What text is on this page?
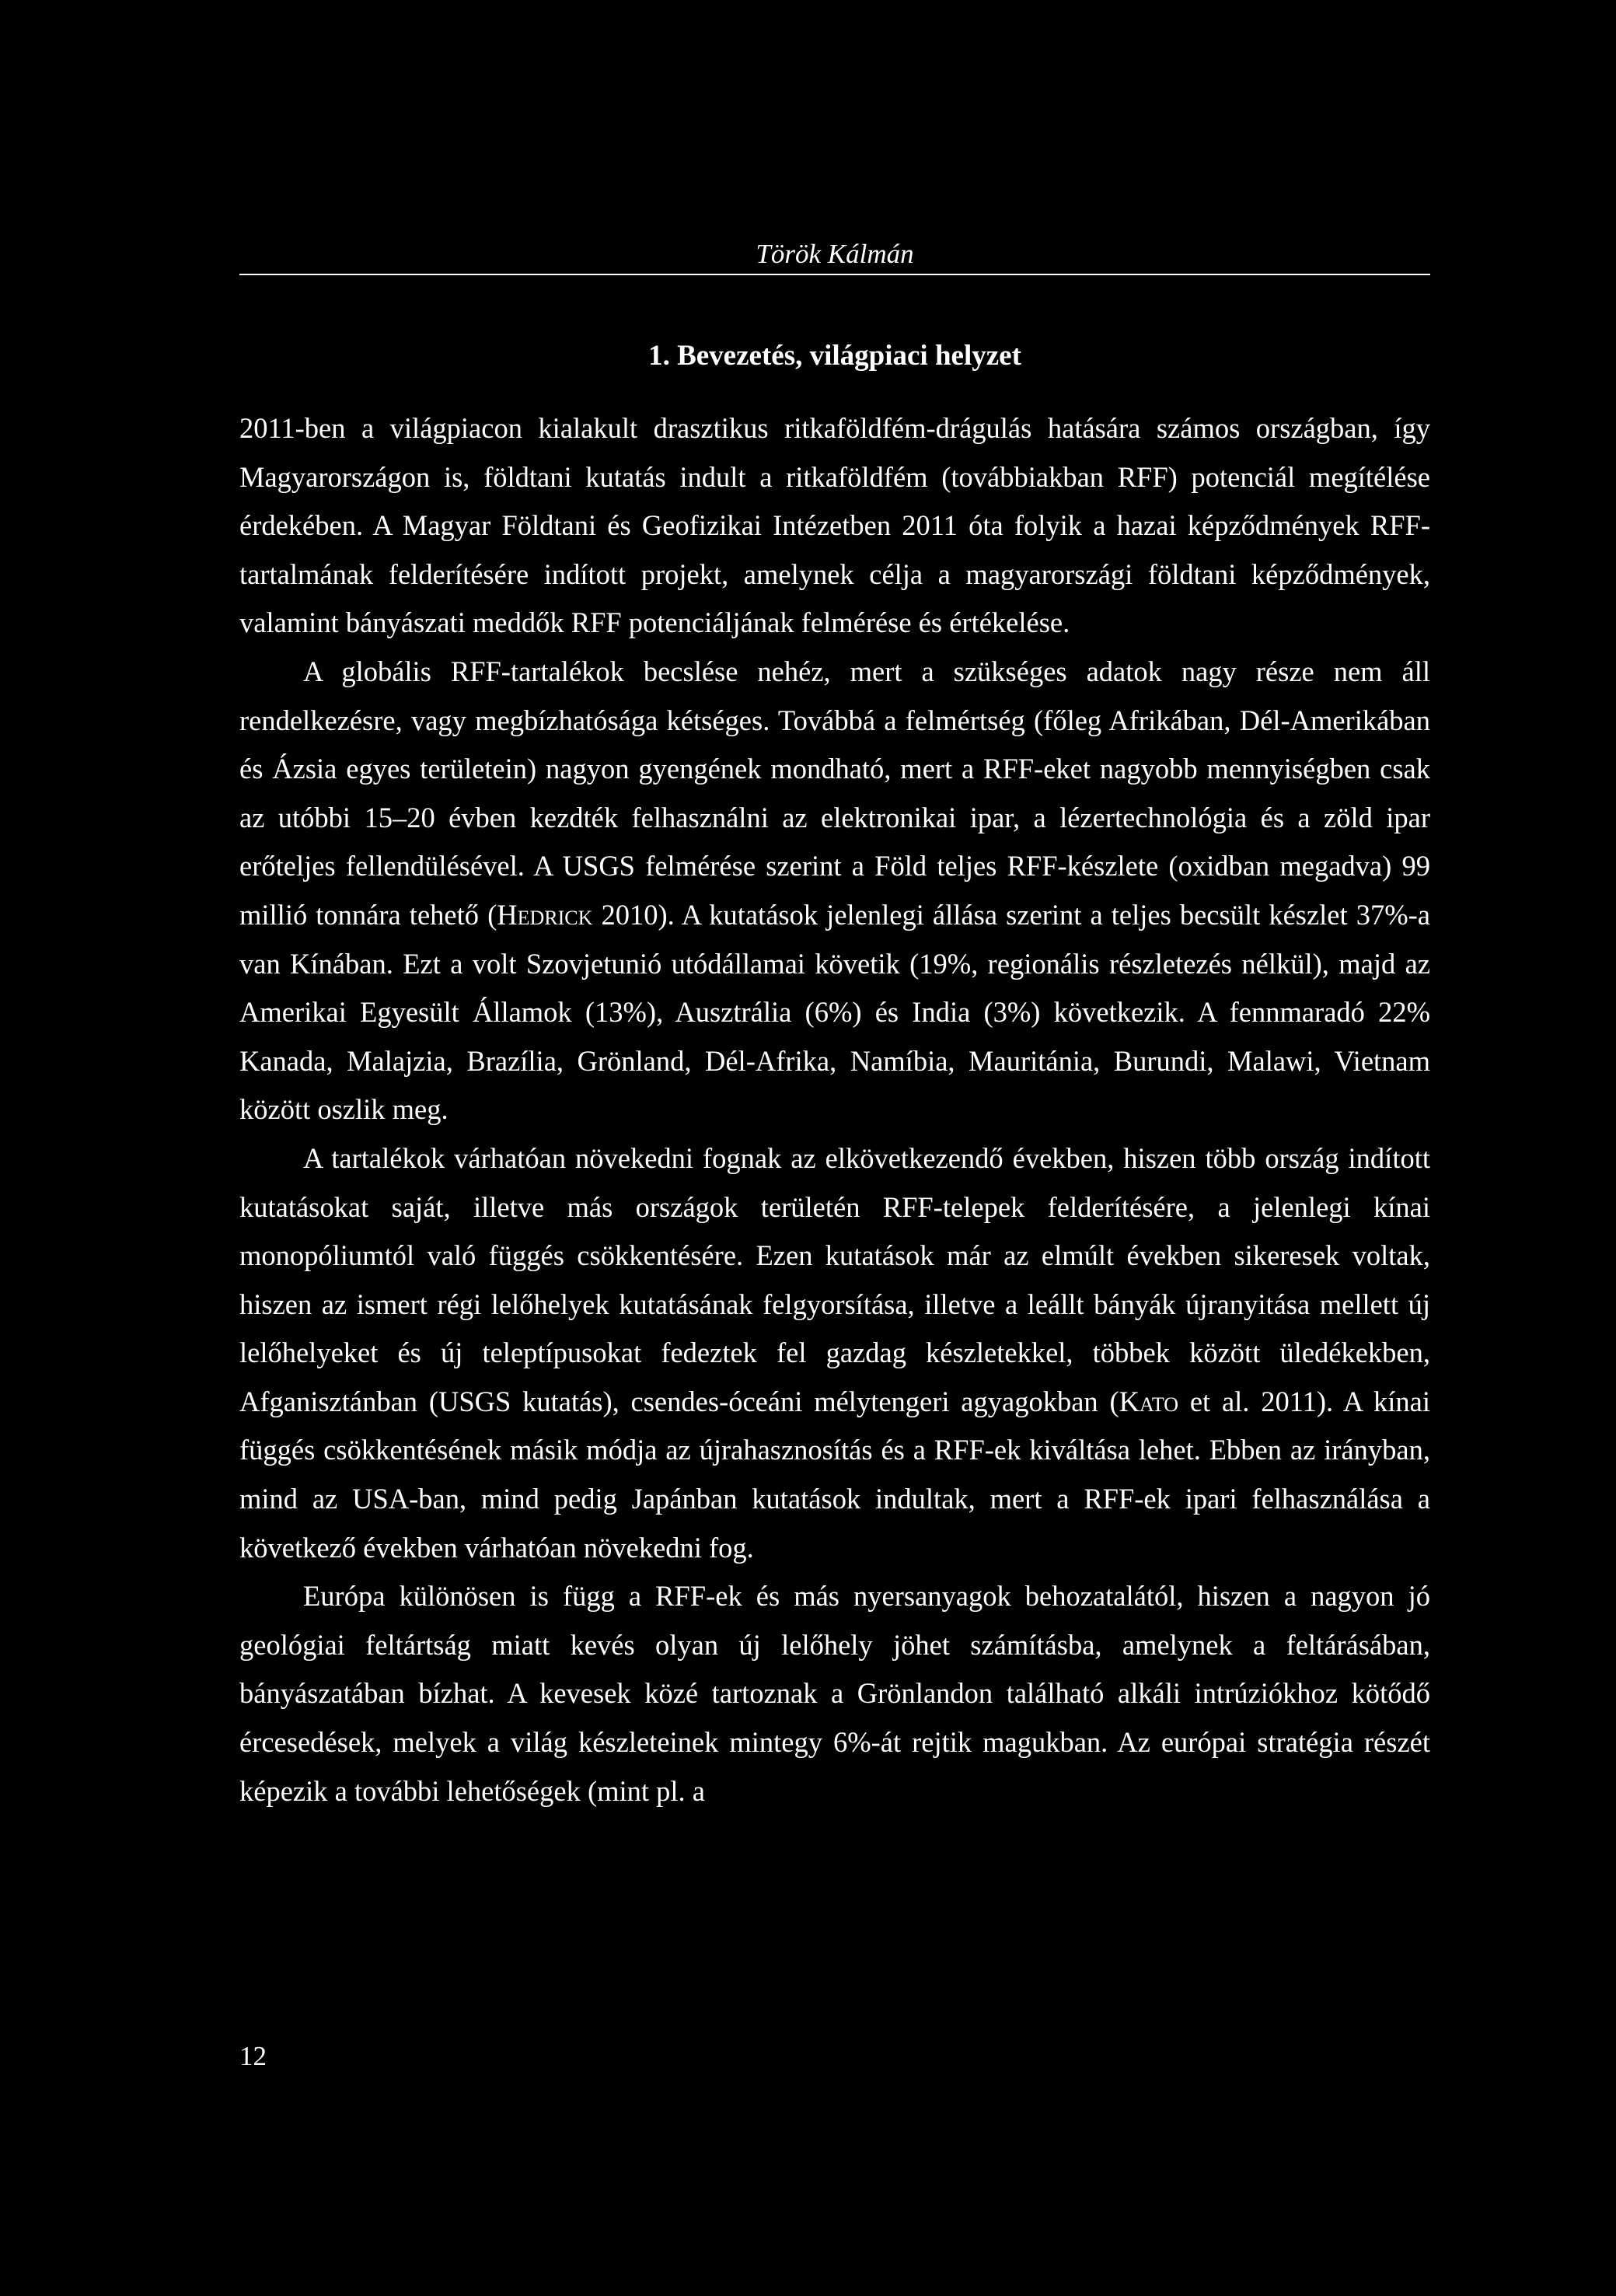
Török Kálmán
1. Bevezetés, világpiaci helyzet

2011-ben a világpiacon kialakult drasztikus ritkaföldfém-drágulás hatására számos országban, így Magyarországon is, földtani kutatás indult a ritkaföldfém (továbbiakban RFF) potenciál megítélése érdekében. A Magyar Földtani és Geofizikai Intézetben 2011 óta folyik a hazai képződmények RFF-tartalmának felderítésére indított projekt, amelynek célja a magyarországi földtani képződmények, valamint bányászati meddők RFF potenciáljának felmérése és értékelése.

A globális RFF-tartalékok becslése nehéz, mert a szükséges adatok nagy része nem áll rendelkezésre, vagy megbízhatósága kétséges. Továbbá a felmértség (főleg Afrikában, Dél-Amerikában és Ázsia egyes területein) nagyon gyengének mondható, mert a RFF-eket nagyobb mennyiségben csak az utóbbi 15–20 évben kezdték felhasználni az elektronikai ipar, a lézertechnológia és a zöld ipar erőteljes fellendülésével. A USGS felmérése szerint a Föld teljes RFF-készlete (oxidban megadva) 99 millió tonnára tehető (Hedrick 2010). A kutatások jelenlegi állása szerint a teljes becsült készlet 37%-a van Kínában. Ezt a volt Szovjetunió utódállamai követik (19%, regionális részletezés nélkül), majd az Amerikai Egyesült Államok (13%), Ausztrália (6%) és India (3%) következik. A fennmaradó 22% Kanada, Malajzia, Brazília, Grönland, Dél-Afrika, Namíbia, Mauritánia, Burundi, Malawi, Vietnam között oszlik meg.

A tartalékok várhatóan növekedni fognak az elkövetkezendő években, hiszen több ország indított kutatásokat saját, illetve más országok területén RFF-telepek felderítésére, a jelenlegi kínai monopóliumtól való függés csökkentésére. Ezen kutatások már az elmúlt években sikeresek voltak, hiszen az ismert régi lelőhelyek kutatásának felgyorsítása, illetve a leállt bányák újranyitása mellett új lelőhelyeket és új teleptípusokat fedeztek fel gazdag készletekkel, többek között üledékekben, Afganisztánban (USGS kutatás), csendes-óceáni mélytengeri agyagokban (Kato et al. 2011). A kínai függés csökkentésének másik módja az újrahasznosítás és a RFF-ek kiváltása lehet. Ebben az irányban, mind az USA-ban, mind pedig Japánban kutatások indultak, mert a RFF-ek ipari felhasználása a következő években várhatóan növekedni fog.

Európa különösen is függ a RFF-ek és más nyersanyagok behozatalától, hiszen a nagyon jó geológiai feltártság miatt kevés olyan új lelőhely jöhet számításba, amelynek a feltárásában, bányászatában bízhat. A kevesek közé tartoznak a Grönlandon található alkáli intrúziókhoz kötődő ércesedések, melyek a világ készleteinek mintegy 6%-át rejtik magukban. Az európai stratégia részét képezik a további lehetőségek (mint pl. a

12
